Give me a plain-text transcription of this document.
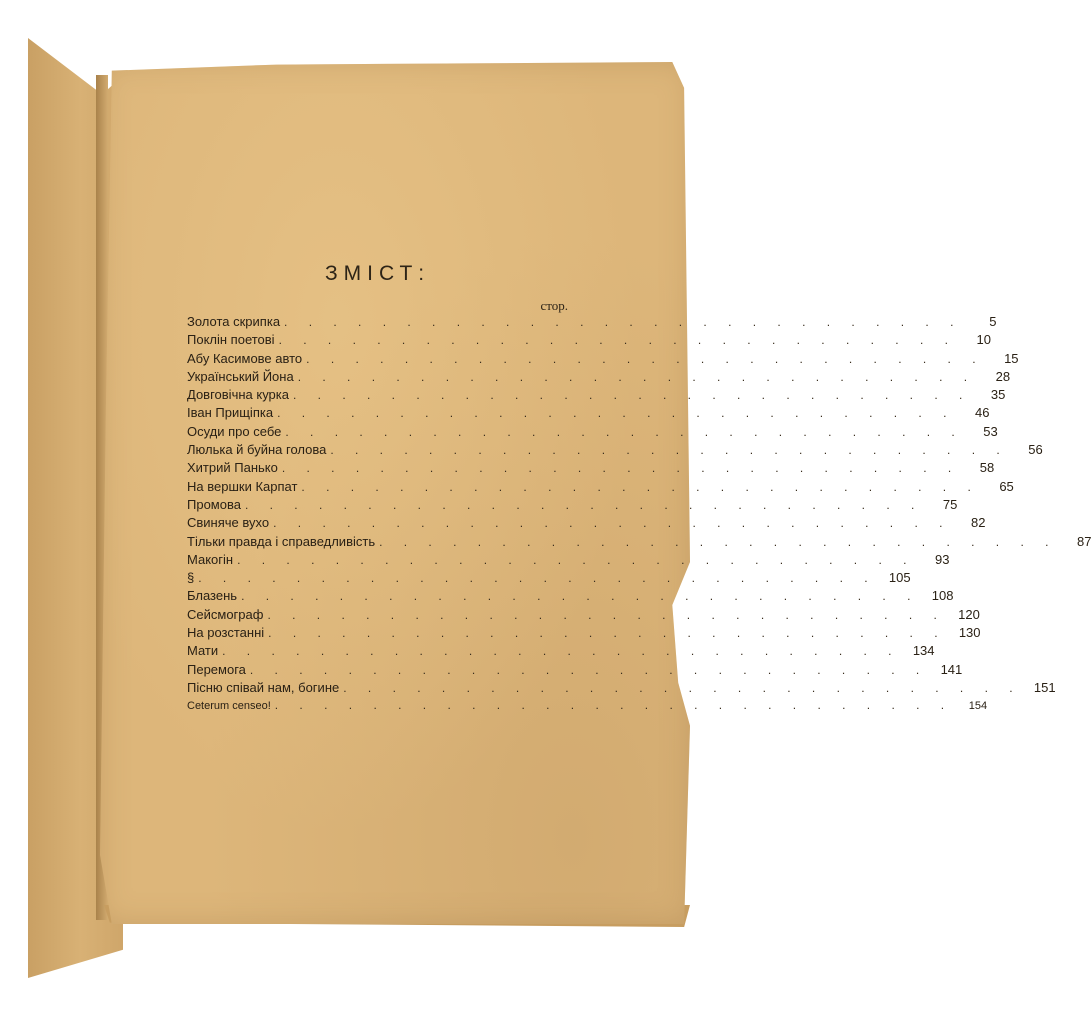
ЗМІСТ:
стор.
Золота скрипка . . . . . . . . . . . . . . . . . . . . . . . . . . . .	5
Поклін поетові . . . . . . . . . . . . . . . . . . . . . . . . . . . .	10
Абу Касимове авто . . . . . . . . . . . . . . . . . . . . . . . . . . . .	15
Український Йона . . . . . . . . . . . . . . . . . . . . . . . . . . . .	28
Довговічна курка . . . . . . . . . . . . . . . . . . . . . . . . . . . .	35
Іван Прищіпка . . . . . . . . . . . . . . . . . . . . . . . . . . . .	46
Осуди про себе . . . . . . . . . . . . . . . . . . . . . . . . . . . .	53
Люлька й буйна голова . . . . . . . . . . . . . . . . . . . . . . . . . . . .	56
Хитрий Панько . . . . . . . . . . . . . . . . . . . . . . . . . . . .	58
На вершки Карпат . . . . . . . . . . . . . . . . . . . . . . . . . . . .	65
Промова . . . . . . . . . . . . . . . . . . . . . . . . . . . .	75
Свиняче вухо . . . . . . . . . . . . . . . . . . . . . . . . . . . .	82
Тільки правда і справедливість . . . . . . . . . . . . . . . . . . . . . . . . . . . .	87
Макогін . . . . . . . . . . . . . . . . . . . . . . . . . . . .	93
§ . . . . . . . . . . . . . . . . . . . . . . . . . . . . 105
Блазень . . . . . . . . . . . . . . . . . . . . . . . . . . . . 108
Сейсмограф . . . . . . . . . . . . . . . . . . . . . . . . . . . . 120
На розстанні . . . . . . . . . . . . . . . . . . . . . . . . . . . . 130
Мати . . . . . . . . . . . . . . . . . . . . . . . . . . . . 134
Перемога . . . . . . . . . . . . . . . . . . . . . . . . . . . . 141
Пісню співай нам, богине . . . . . . . . . . . . . . . . . . . . . . . . . . . . 151
Ceterum censeo! . . . . . . . . . . . . . . . . . . . . . . . . . . . .	154
